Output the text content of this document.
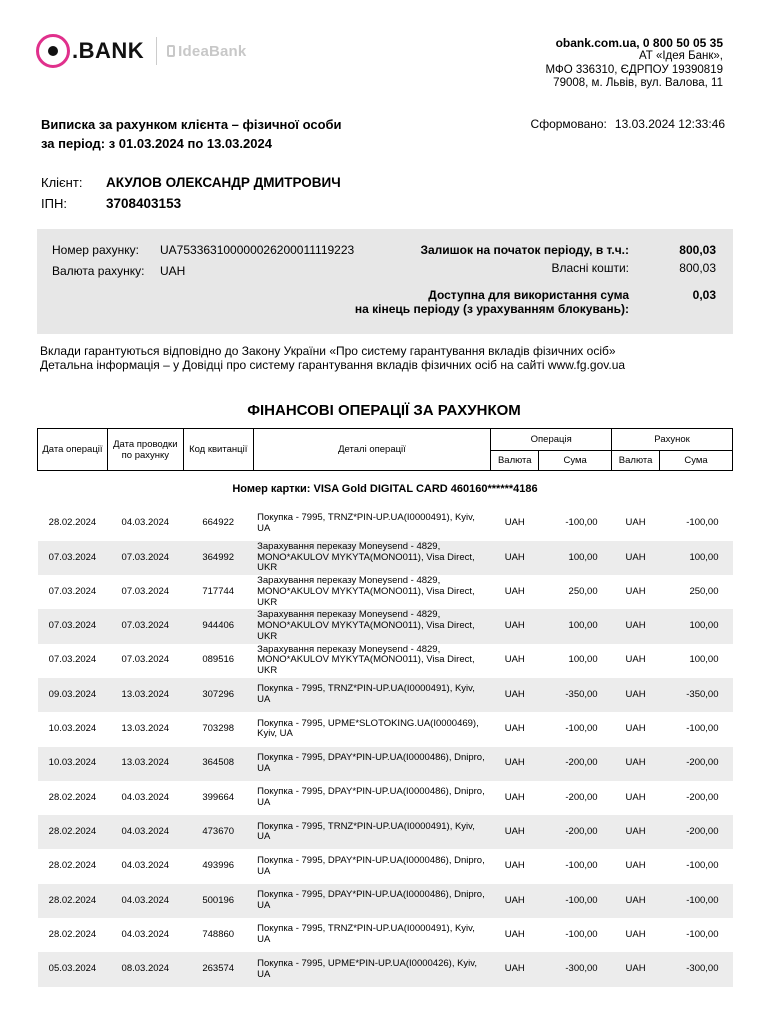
.BANK	IdeaBank	obank.com.ua, 0 800 50 05 35
АТ «Ідея Банк»,
МФО 336310, ЄДРПОУ 19390819
79008, м. Львів, вул. Валова, 11
Виписка за рахунком клієнта – фізичної особи
за період: з 01.03.2024 по 13.03.2024
Сформовано: 13.03.2024 12:33:46
Клієнт:	АКУЛОВ ОЛЕКСАНДР ДМИТРОВИЧ
ІПН:	3708403153
Номер рахунку: UA753363100000026200011119223
Валюта рахунку: UAH
Залишок на початок періоду, в т.ч.:	800,03
Власні кошти:	800,03
Доступна для використання сума
на кінець періоду (з урахуванням блокувань):
0,03
Вклади гарантуються відповідно до Закону України «Про систему гарантування вкладів фізичних осіб»
Детальна інформація – у Довідці про систему гарантування вкладів фізичних осіб на сайті www.fg.gov.ua
ФІНАНСОВІ ОПЕРАЦІЇ ЗА РАХУНКОМ
Дата операції	Дата проводки по рахунку	Код квитанції	Деталі операції	Операція		Рахунок	
				Валюта	Сума	Валюта	Сума
Номер картки: VISA Gold DIGITAL CARD 460160******4186							
28.02.2024	04.03.2024	664922	Покупка - 7995, TRNZ*PIN-UP.UA(I0000491), Kyiv, UA	UAH	-100,00	UAH	-100,00
07.03.2024	07.03.2024	364992	Зарахування переказу Moneysend - 4829, MONO*AKULOV MYKYTA(MONO011), Visa Direct, UKR	UAH	100,00	UAH	100,00
07.03.2024	07.03.2024	717744	Зарахування переказу Moneysend - 4829, MONO*AKULOV MYKYTA(MONO011), Visa Direct, UKR	UAH	250,00	UAH	250,00
07.03.2024	07.03.2024	944406	Зарахування переказу Moneysend - 4829, MONO*AKULOV MYKYTA(MONO011), Visa Direct, UKR	UAH	100,00	UAH	100,00
07.03.2024	07.03.2024	089516	Зарахування переказу Moneysend - 4829, MONO*AKULOV MYKYTA(MONO011), Visa Direct, UKR	UAH	100,00	UAH	100,00
09.03.2024	13.03.2024	307296	Покупка - 7995, TRNZ*PIN-UP.UA(I0000491), Kyiv, UA	UAH	-350,00	UAH	-350,00
10.03.2024	13.03.2024	703298	Покупка - 7995, UPME*SLOTOKING.UA(I0000469), Kyiv, UA	UAH	-100,00	UAH	-100,00
10.03.2024	13.03.2024	364508	Покупка - 7995, DPAY*PIN-UP.UA(I0000486), Dnipro, UA	UAH	-200,00	UAH	-200,00
28.02.2024	04.03.2024	399664	Покупка - 7995, DPAY*PIN-UP.UA(I0000486), Dnipro, UA	UAH	-200,00	UAH	-200,00
28.02.2024	04.03.2024	473670	Покупка - 7995, TRNZ*PIN-UP.UA(I0000491), Kyiv, UA	UAH	-200,00	UAH	-200,00
28.02.2024	04.03.2024	493996	Покупка - 7995, DPAY*PIN-UP.UA(I0000486), Dnipro, UA	UAH	-100,00	UAH	-100,00
28.02.2024	04.03.2024	500196	Покупка - 7995, DPAY*PIN-UP.UA(I0000486), Dnipro, UA	UAH	-100,00	UAH	-100,00
28.02.2024	04.03.2024	748860	Покупка - 7995, TRNZ*PIN-UP.UA(I0000491), Kyiv, UA	UAH	-100,00	UAH	-100,00
05.03.2024	08.03.2024	263574	Покупка - 7995, UPME*PIN-UP.UA(I0000426), Kyiv, UA	UAH	-300,00	UAH	-300,00
